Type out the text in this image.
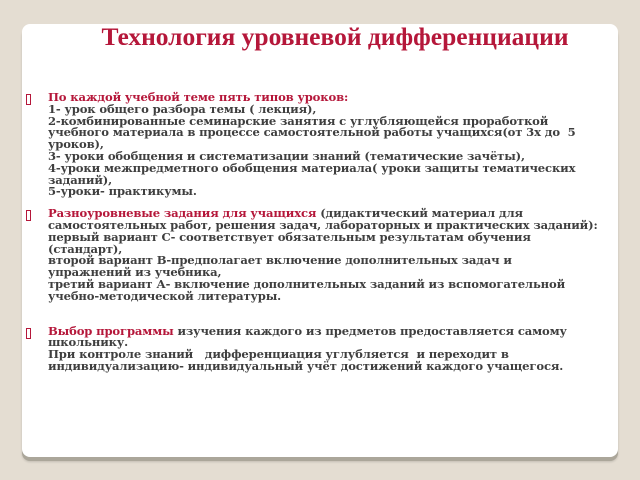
Технология уровневой дифференциации
По каждой учебной теме пять типов уроков:
1- урок общего разбора темы ( лекция),
2-комбинированные семинарские занятия с углубляющейся проработкой
учебного материала в процессе самостоятельной работы учащихся(от 3х до  5
уроков),
3- уроки обобщения и систематизации знаний (тематические зачёты),
4-уроки межпредметного обобщения материала( уроки защиты тематических
заданий),
5-уроки- практикумы.
Разноуровневые задания для учащихся (дидактический материал для
самостоятельных работ, решения задач, лабораторных и практических заданий):
первый вариант С- соответствует обязательным результатам обучения
(стандарт),
второй вариант В-предполагает включение дополнительных задач и
упражнений из учебника,
третий вариант А- включение дополнительных заданий из вспомогательной
учебно-методической литературы.
Выбор программы изучения каждого из предметов предоставляется самому
школьнику.
При контроле знаний   дифференциация углубляется  и переходит в
индивидуализацию- индивидуальный учёт достижений каждого учащегося.
